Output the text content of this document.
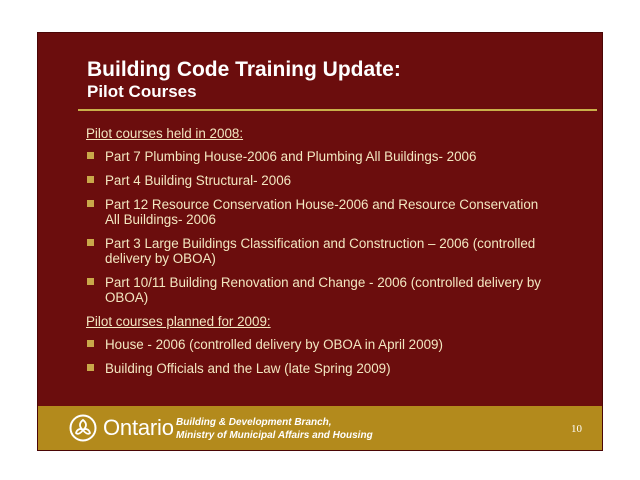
Building Code Training Update:
Pilot Courses
Pilot courses held in 2008:
Part 7 Plumbing House-2006 and Plumbing All Buildings- 2006
Part 4 Building Structural- 2006
Part 12 Resource Conservation House-2006 and Resource Conservation All Buildings- 2006
Part 3 Large Buildings Classification and Construction – 2006 (controlled delivery by OBOA)
Part 10/11 Building Renovation and Change - 2006 (controlled delivery by OBOA)
Pilot courses planned for 2009:
House - 2006 (controlled delivery by OBOA in April 2009)
Building Officials and the Law (late Spring 2009)
Ontario Building & Development Branch,
Ministry of Municipal Affairs and Housing
10
